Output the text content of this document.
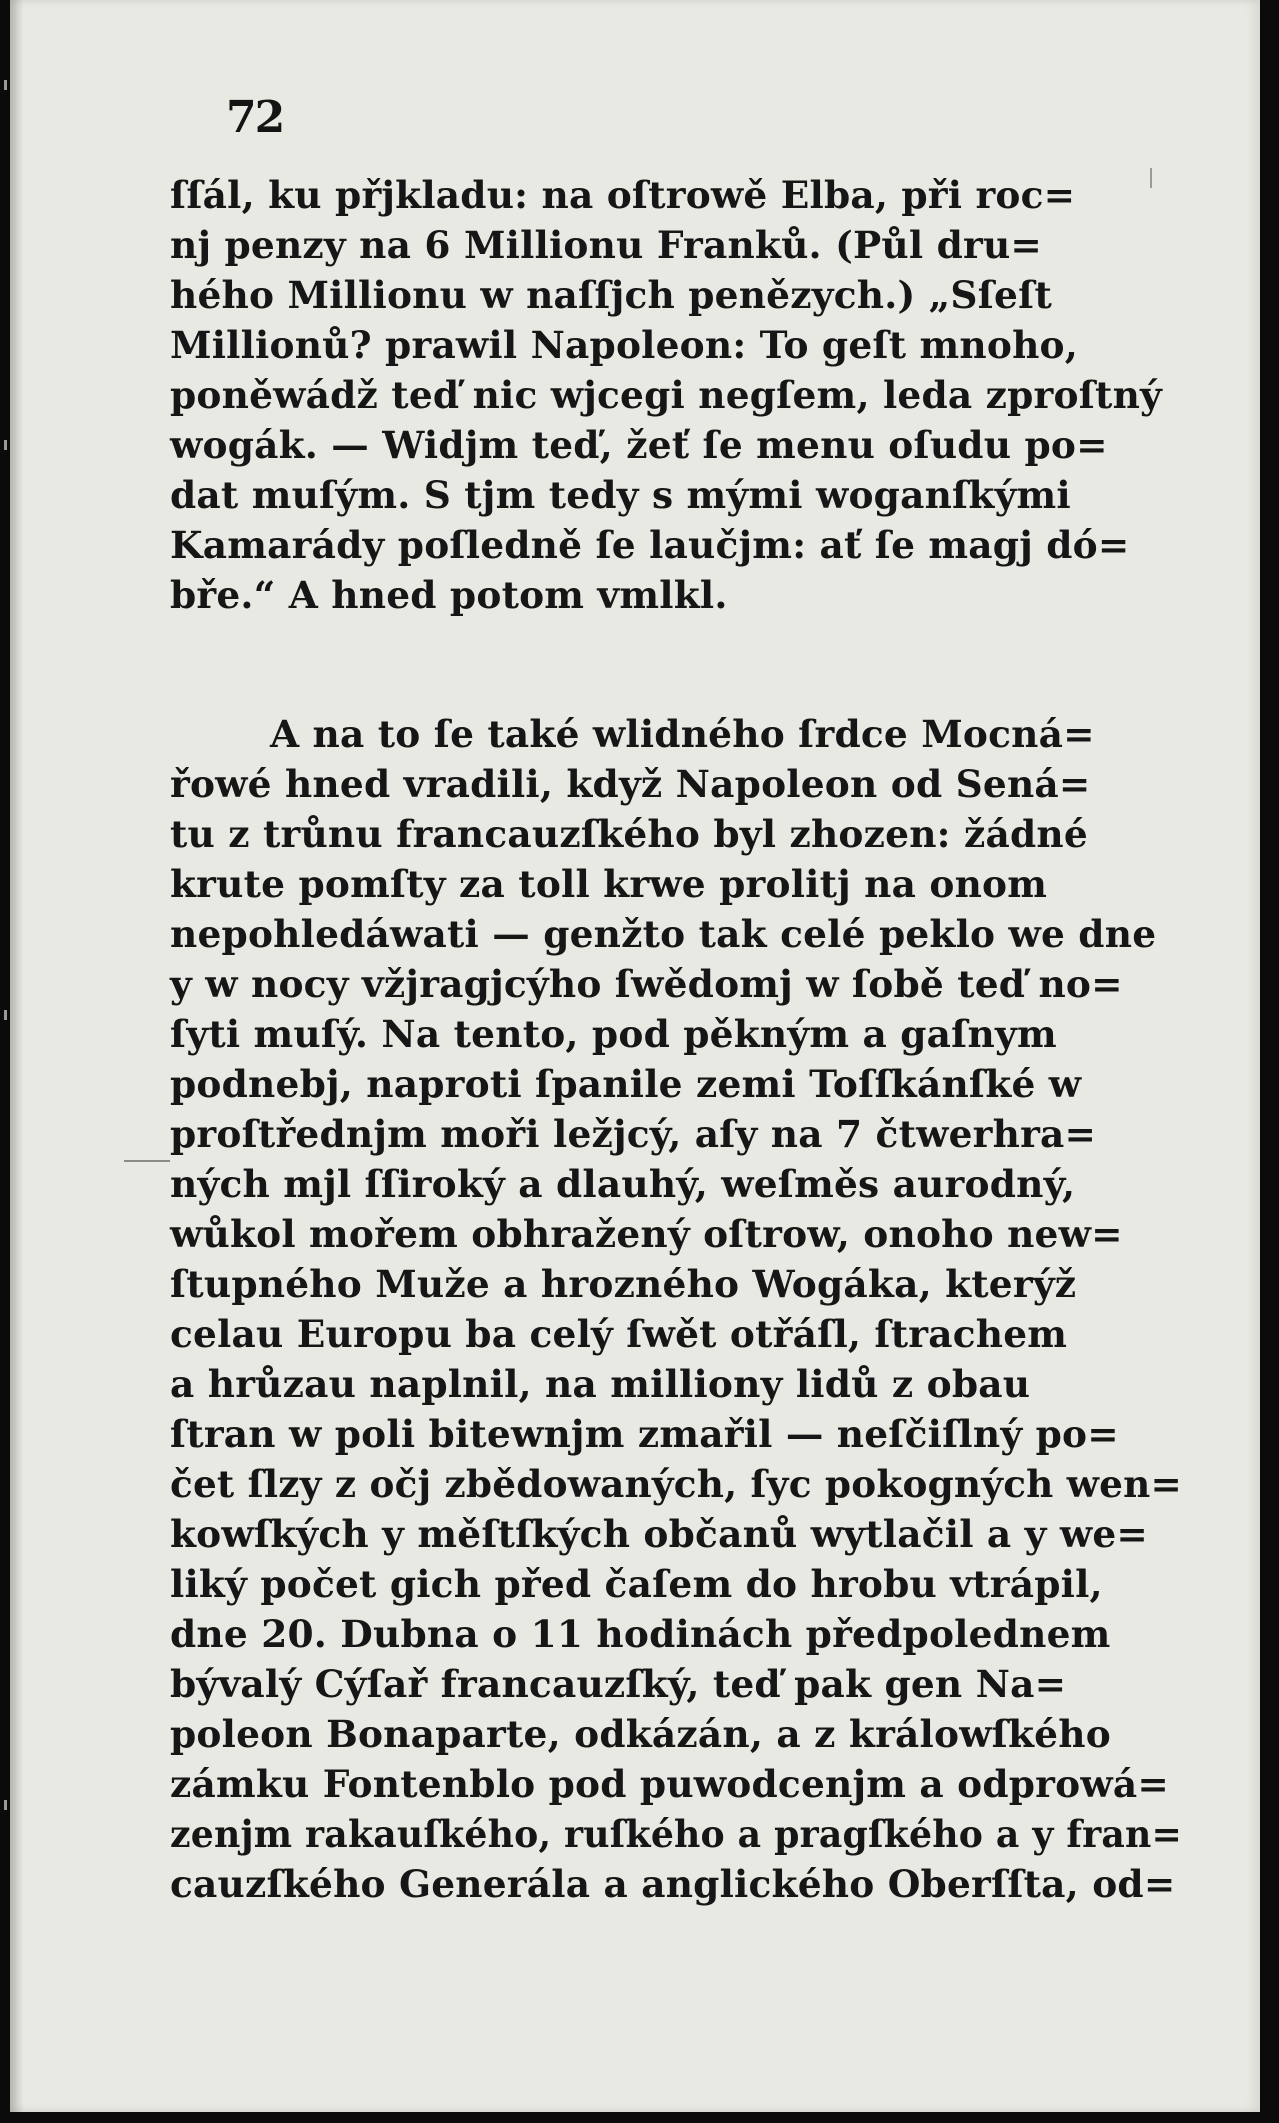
72
ſſál, ku přjkladu: na oſtrowě Elba, při roc=
nj penzy na 6 Millionu Franků. (Půl dru=
hého Millionu w naſſjch penězych.) „Sſeſt
Millionů? prawil Napoleon: To geſt mnoho,
poněwádž teď nic wjcegi negſem, leda zproſtný
wogák. — Widjm teď, žeť ſe menu oſudu po=
dat muſým. S tjm tedy s mými woganſkými
Kamarády poſledně ſe laučjm: ať ſe magj dó=
bře.“ A hned potom vmlkl.
A na to ſe také wlidného ſrdce Mocná=
řowé hned vradili, když Napoleon od Sená=
tu z trůnu francauzſkého byl zhozen: žádné
krute pomſty za toll krwe prolitj na onom
nepohledáwati — genžto tak celé peklo we dne
y w nocy vžjragjcýho ſwědomj w ſobě teď no=
ſyti muſý. Na tento, pod pěkným a gaſnym
podnebj, naproti ſpanile zemi Toſſkánſké w
proſtřednjm moři ležjcý, aſy na 7 čtwerhra=
ných mjl ſſiroký a dlauhý, weſměs aurodný,
wůkol mořem obhražený oſtrow, onoho new=
ſtupného Muže a hrozného Wogáka, kterýž
celau Europu ba celý ſwět otřáſl, ſtrachem
a hrůzau naplnil, na milliony lidů z obau
ſtran w poli bitewnjm zmařil — neſčiſlný po=
čet ſlzy z očj zbědowaných, ſyc pokogných wen=
kowſkých y měſtſkých občanů wytlačil a y we=
liký počet gich před čaſem do hrobu vtrápil,
dne 20. Dubna o 11 hodinách předpolednem
bývalý Cýſař francauzſký, teď pak gen Na=
poleon Bonaparte, odkázán, a z králowſkého
zámku Fontenblo pod puwodcenjm a odprowá=
zenjm rakauſkého, ruſkého a pragſkého a y fran=
cauzſkého Generála a anglického Oberſſta, od=
